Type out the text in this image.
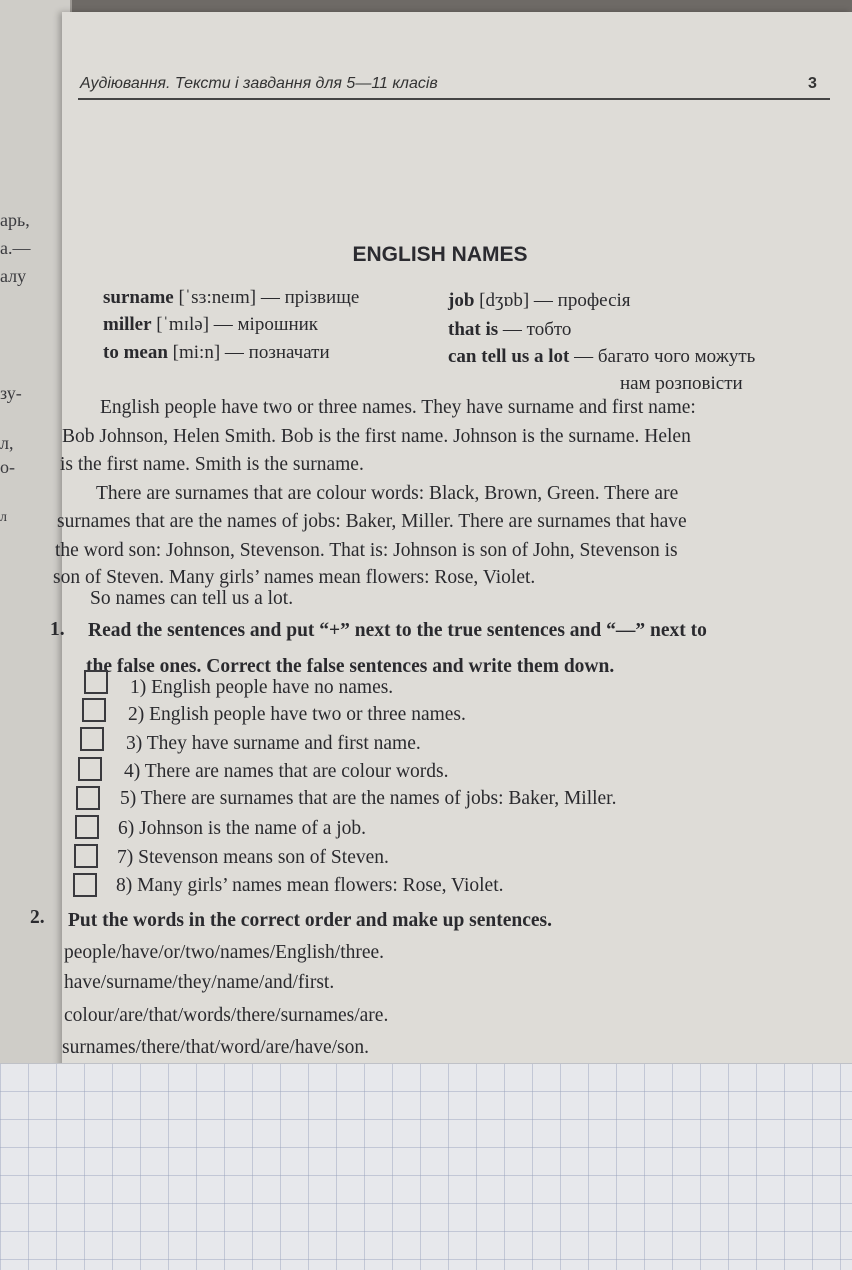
арь,
а.—
алу
зу-
л,
о-
л
Аудіювання. Тексти і завдання для 5—11 класів	3
ENGLISH NAMES
surname [ˈsɜ:neɪm] — прізвище
miller [ˈmɪlə] — мірошник
to mean [mi:n] — позначати
job [dʒɒb] — професія
that is — тобто
can tell us a lot — багато чого можуть
нам розповісти
English people have two or three names. They have surname and first name:
Bob Johnson, Helen Smith. Bob is the first name. Johnson is the surname. Helen
is the first name. Smith is the surname.
There are surnames that are colour words: Black, Brown, Green. There are
surnames that are the names of jobs: Baker, Miller. There are surnames that have
the word son: Johnson, Stevenson. That is: Johnson is son of John, Stevenson is
son of Steven. Many girls’ names mean flowers: Rose, Violet.
So names can tell us a lot.
1. Read the sentences and put “+” next to the true sentences and “—” next to
the false ones. Correct the false sentences and write them down.
1) English people have no names.
2) English people have two or three names.
3) They have surname and first name.
4) There are names that are colour words.
5) There are surnames that are the names of jobs: Baker, Miller.
6) Johnson is the name of a job.
7) Stevenson means son of Steven.
8) Many girls’ names mean flowers: Rose, Violet.
2. Put the words in the correct order and make up sentences.
people/have/or/two/names/English/three.
have/surname/they/name/and/first.
colour/are/that/words/there/surnames/are.
surnames/there/that/word/are/have/son.
